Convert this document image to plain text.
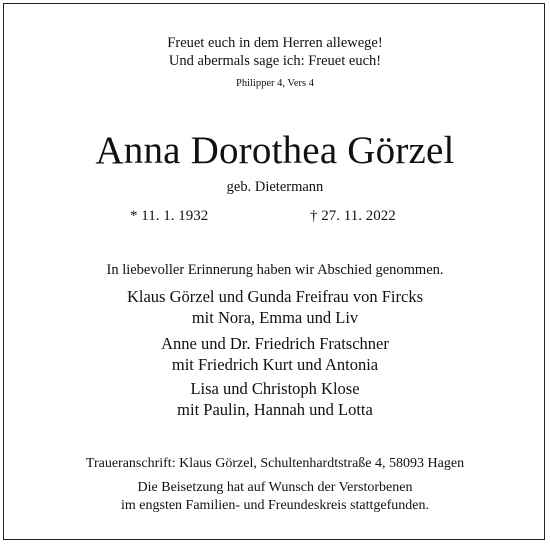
Freuet euch in dem Herren allewege!
Und abermals sage ich: Freuet euch!
Philipper 4, Vers 4
Anna Dorothea Görzel
geb. Dietermann
* 11. 1. 1932	† 27. 11. 2022
In liebevoller Erinnerung haben wir Abschied genommen.
Klaus Görzel und Gunda Freifrau von Fircks
mit Nora, Emma und Liv
Anne und Dr. Friedrich Fratschner
mit Friedrich Kurt und Antonia
Lisa und Christoph Klose
mit Paulin, Hannah und Lotta
Traueranschrift: Klaus Görzel, Schultenhardtstraße 4, 58093 Hagen
Die Beisetzung hat auf Wunsch der Verstorbenen
im engsten Familien- und Freundeskreis stattgefunden.
